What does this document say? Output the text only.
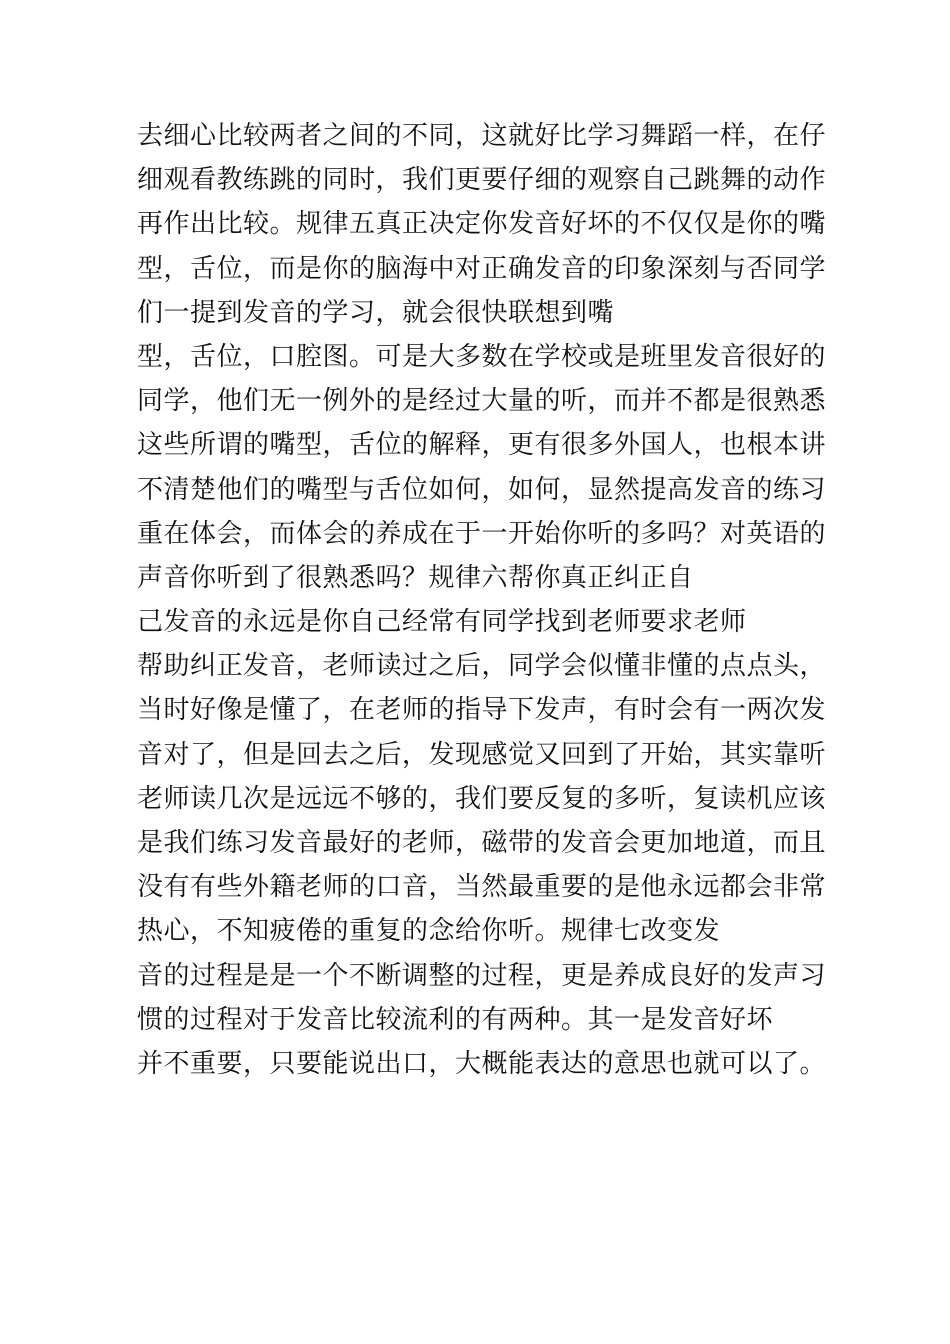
去细心比较两者之间的不同，这就好比学习舞蹈一样，在仔
细观看教练跳的同时，我们更要仔细的观察自己跳舞的动作
再作出比较。规律五真正决定你发音好坏的不仅仅是你的嘴
型，舌位，而是你的脑海中对正确发音的印象深刻与否同学
们一提到发音的学习，就会很快联想到嘴
型，舌位，口腔图。可是大多数在学校或是班里发音很好的
同学，他们无一例外的是经过大量的听，而并不都是很熟悉
这些所谓的嘴型，舌位的解释，更有很多外国人，也根本讲
不清楚他们的嘴型与舌位如何，如何，显然提高发音的练习
重在体会，而体会的养成在于一开始你听的多吗？对英语的
声音你听到了很熟悉吗？规律六帮你真正纠正自
己发音的永远是你自己经常有同学找到老师要求老师
帮助纠正发音，老师读过之后，同学会似懂非懂的点点头，
当时好像是懂了，在老师的指导下发声，有时会有一两次发
音对了，但是回去之后，发现感觉又回到了开始，其实靠听
老师读几次是远远不够的，我们要反复的多听，复读机应该
是我们练习发音最好的老师，磁带的发音会更加地道，而且
没有有些外籍老师的口音，当然最重要的是他永远都会非常
热心，不知疲倦的重复的念给你听。规律七改变发
音的过程是是一个不断调整的过程，更是养成良好的发声习
惯的过程对于发音比较流利的有两种。其一是发音好坏
并不重要，只要能说出口，大概能表达的意思也就可以了。
